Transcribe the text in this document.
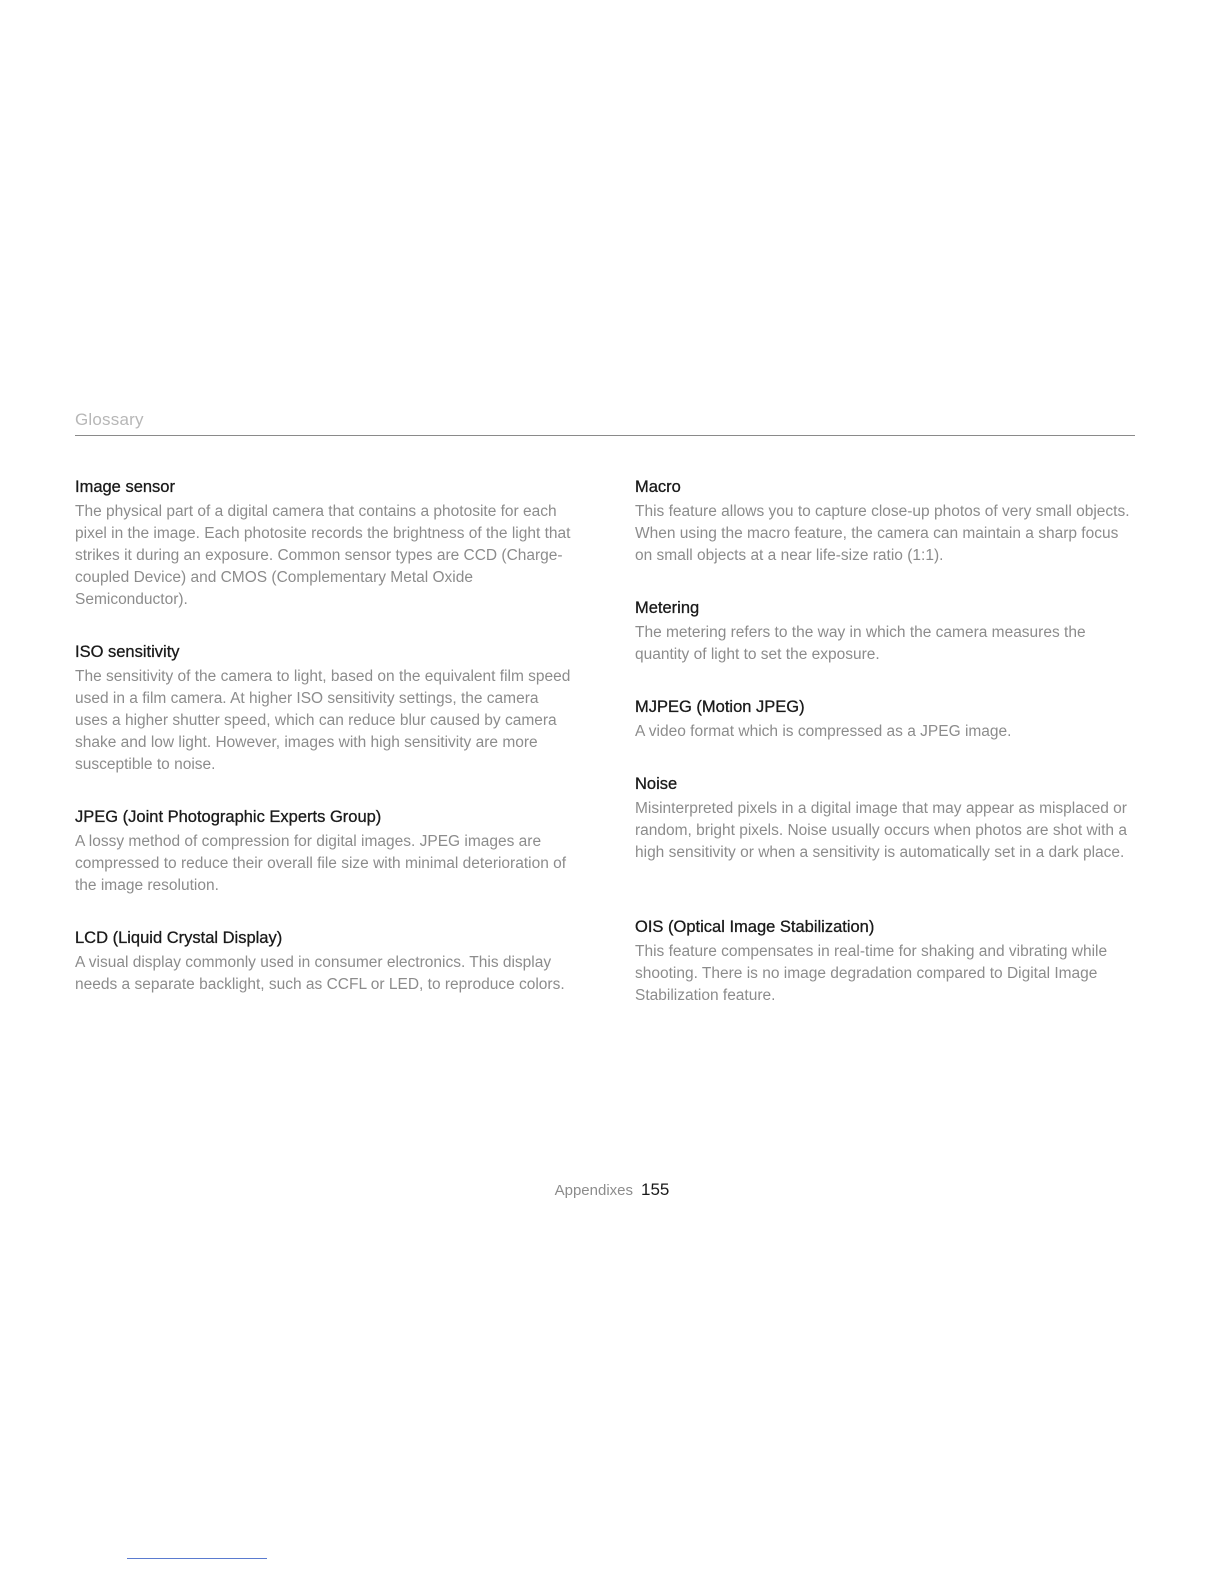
Glossary
Image sensor

The physical part of a digital camera that contains a photosite for each pixel in the image. Each photosite records the brightness of the light that strikes it during an exposure. Common sensor types are CCD (Charge-coupled Device) and CMOS (Complementary Metal Oxide Semiconductor).

ISO sensitivity

The sensitivity of the camera to light, based on the equivalent film speed used in a film camera. At higher ISO sensitivity settings, the camera uses a higher shutter speed, which can reduce blur caused by camera shake and low light. However, images with high sensitivity are more susceptible to noise.

JPEG (Joint Photographic Experts Group)

A lossy method of compression for digital images. JPEG images are compressed to reduce their overall file size with minimal deterioration of the image resolution.

LCD (Liquid Crystal Display)

A visual display commonly used in consumer electronics. This display needs a separate backlight, such as CCFL or LED, to reproduce colors.

Macro

This feature allows you to capture close-up photos of very small objects. When using the macro feature, the camera can maintain a sharp focus on small objects at a near life-size ratio (1:1).

Metering

The metering refers to the way in which the camera measures the quantity of light to set the exposure.

MJPEG (Motion JPEG)

A video format which is compressed as a JPEG image.

Noise

Misinterpreted pixels in a digital image that may appear as misplaced or random, bright pixels. Noise usually occurs when photos are shot with a high sensitivity or when a sensitivity is automatically set in a dark place.

OIS (Optical Image Stabilization)

This feature compensates in real-time for shaking and vibrating while shooting. There is no image degradation compared to Digital Image Stabilization feature.

Appendixes 155
